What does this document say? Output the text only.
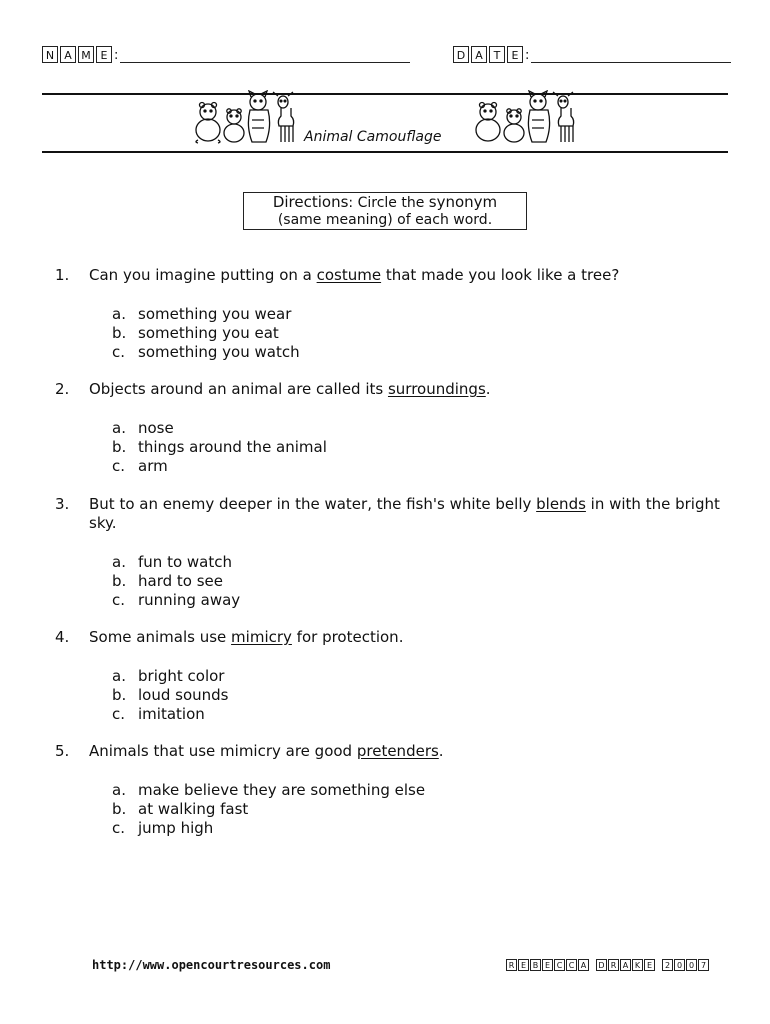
N A M E :	D A T	E :
Animal Camouflage
Directions: Circle the synonym
(same meaning) of each word.
1.	Can you imagine putting on a costume that made you look like a tree?
a. something you wear
b. something you eat
c. something you watch
2.	Objects around an animal are called its surroundings.
a. nose
b. things around the animal
c. arm
3.	But to an enemy deeper in the water, the fish's white belly blends in with the bright sky.
a. fun to watch
b. hard to see
c. running away
4.	Some animals use mimicry for protection.
a. bright color
b. loud sounds
c. imitation
5.	Animals that use mimicry are good pretenders.
a. make believe they are something else
b. at walking fast
c. jump high
http://www.opencourtresources.com	R E B E C C A	D R A K E	2 0 0 7
